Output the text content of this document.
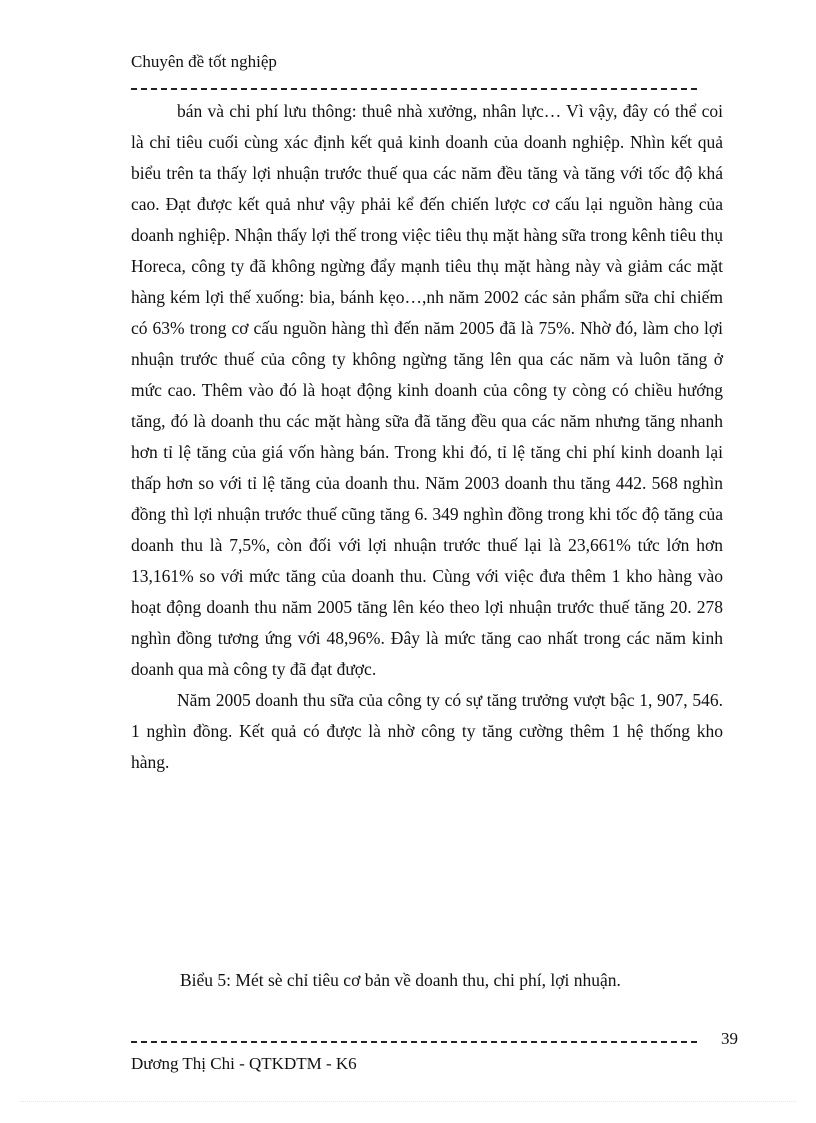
Chuyên đề tốt nghiệp

bán và chi phí lưu thông: thuê nhà xưởng, nhân lực… Vì vậy, đây có thể coi là chỉ tiêu cuối cùng xác định kết quả kinh doanh của doanh nghiệp. Nhìn kết quả biểu trên ta thấy lợi nhuận trước thuế qua các năm đều tăng và tăng với tốc độ khá cao. Đạt được kết quả như vậy phải kể đến chiến lược cơ cấu lại nguồn hàng của doanh nghiệp. Nhận thấy lợi thế trong việc tiêu thụ mặt hàng sữa trong kênh tiêu thụ Horeca, công ty đã không ngừng đẩy mạnh tiêu thụ mặt hàng này và giảm các mặt hàng kém lợi thế xuống: bia, bánh kẹo…,nh năm 2002 các sản phẩm sữa chỉ chiếm có 63% trong cơ cấu nguồn hàng thì đến năm 2005 đã là 75%. Nhờ đó, làm cho lợi nhuận trước thuế của công ty không ngừng tăng lên qua các năm và luôn tăng ở mức cao. Thêm vào đó là hoạt động kinh doanh của công ty còng có chiều hướng tăng, đó là doanh thu các mặt hàng sữa đã tăng đều qua các năm nhưng tăng nhanh hơn tỉ lệ tăng của giá vốn hàng bán. Trong khi đó, tỉ lệ tăng chi phí kinh doanh lại thấp hơn so với tỉ lệ tăng của doanh thu. Năm 2003 doanh thu tăng 442. 568 nghìn đồng thì lợi nhuận trước thuế cũng tăng 6. 349 nghìn đồng trong khi tốc độ tăng của doanh thu là 7,5%, còn đối với lợi nhuận trước thuế lại là 23,661% tức lớn hơn 13,161% so với mức tăng của doanh thu. Cùng với việc đưa thêm 1 kho hàng vào hoạt động doanh thu năm 2005 tăng lên kéo theo lợi nhuận trước thuế tăng 20. 278 nghìn đồng tương ứng với 48,96%. Đây là mức tăng cao nhất trong các năm kinh doanh qua mà công ty đã đạt được.

Năm 2005 doanh thu sữa của công ty có sự tăng trưởng vượt bậc 1, 907, 546. 1 nghìn đồng. Kết quả có được là nhờ công ty tăng cường thêm 1 hệ thống kho hàng.

Biểu 5: Mét sè chỉ tiêu cơ bản về doanh thu, chi phí, lợi nhuận.
39
Dương Thị Chi - QTKDTM - K6
